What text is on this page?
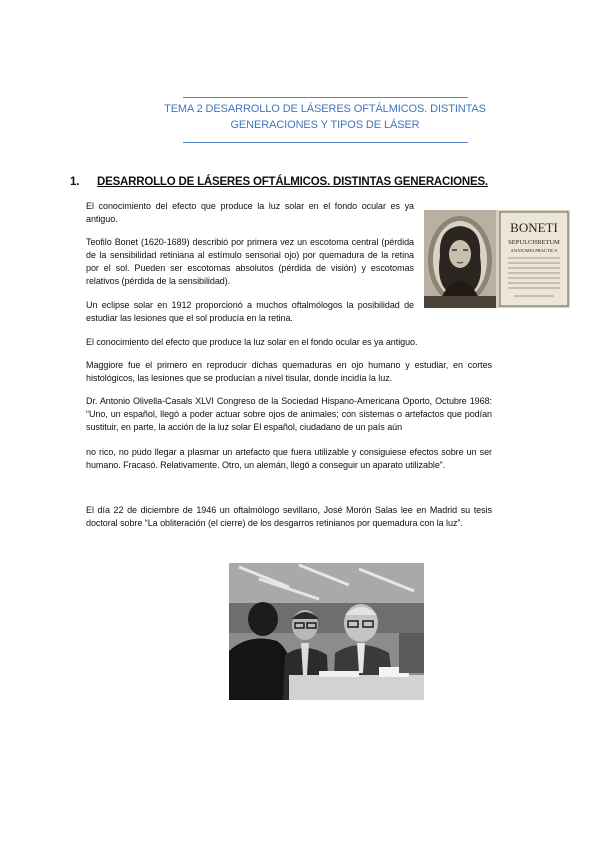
TEMA 2 DESARROLLO DE LÁSERES OFTÁLMICOS. DISTINTAS
GENERACIONES Y TIPOS DE LÁSER
1. DESARROLLO DE LÁSERES OFTÁLMICOS. DISTINTAS GENERACIONES.
El conocimiento del efecto que produce la luz solar en el fondo ocular es ya antiguo.
Teofilo Bonet (1620-1689) describió por primera vez un escotoma central (pérdida de la sensibilidad retiniana al estímulo sensorial ojo) por quemadura de la retina por el sol. Pueden ser escotomas absolutos (pérdida de visión) y escotomas relativos (pérdida de la sensibilidad).
Un eclipse solar en 1912 proporcionó a muchos oftalmólogos la posibilidad de estudiar las lesiones que el sol producía en la retina.
El conocimiento del efecto que produce la luz solar en el fondo ocular es ya antiguo.
Maggiore fue el primero en reproducir dichas quemaduras en ojo humano y estudiar, en cortes histológicos, las lesiones que se producían a nivel tisular, donde incidía la luz.
Dr. Antonio Olivella-Casals XLVI Congreso de la Sociedad Hispano-Americana Oporto, Octubre 1968: “Uno, un español, llegó a poder actuar sobre ojos de animales; con sistemas o artefactos que podían sustituir, en parte, la acción de la luz solar El español, ciudadano de un país aún
no rico, no pudo llegar a plasmar un artefacto que fuera utilizable y consiguiese efectos sobre un ser humano. Fracasó. Relativamente. Otro, un alemán, llegó a conseguir un aparato utilizable”.
El día 22 de diciembre de 1946 un oftalmólogo sevillano, José Morón Salas lee en Madrid su tesis doctoral sobre “La obliteración (el cierre) de los desgarros retinianos por quemadura con la luz”.
BONETI
SEPULCHRETUM
ANATOMIA PRACTICA
